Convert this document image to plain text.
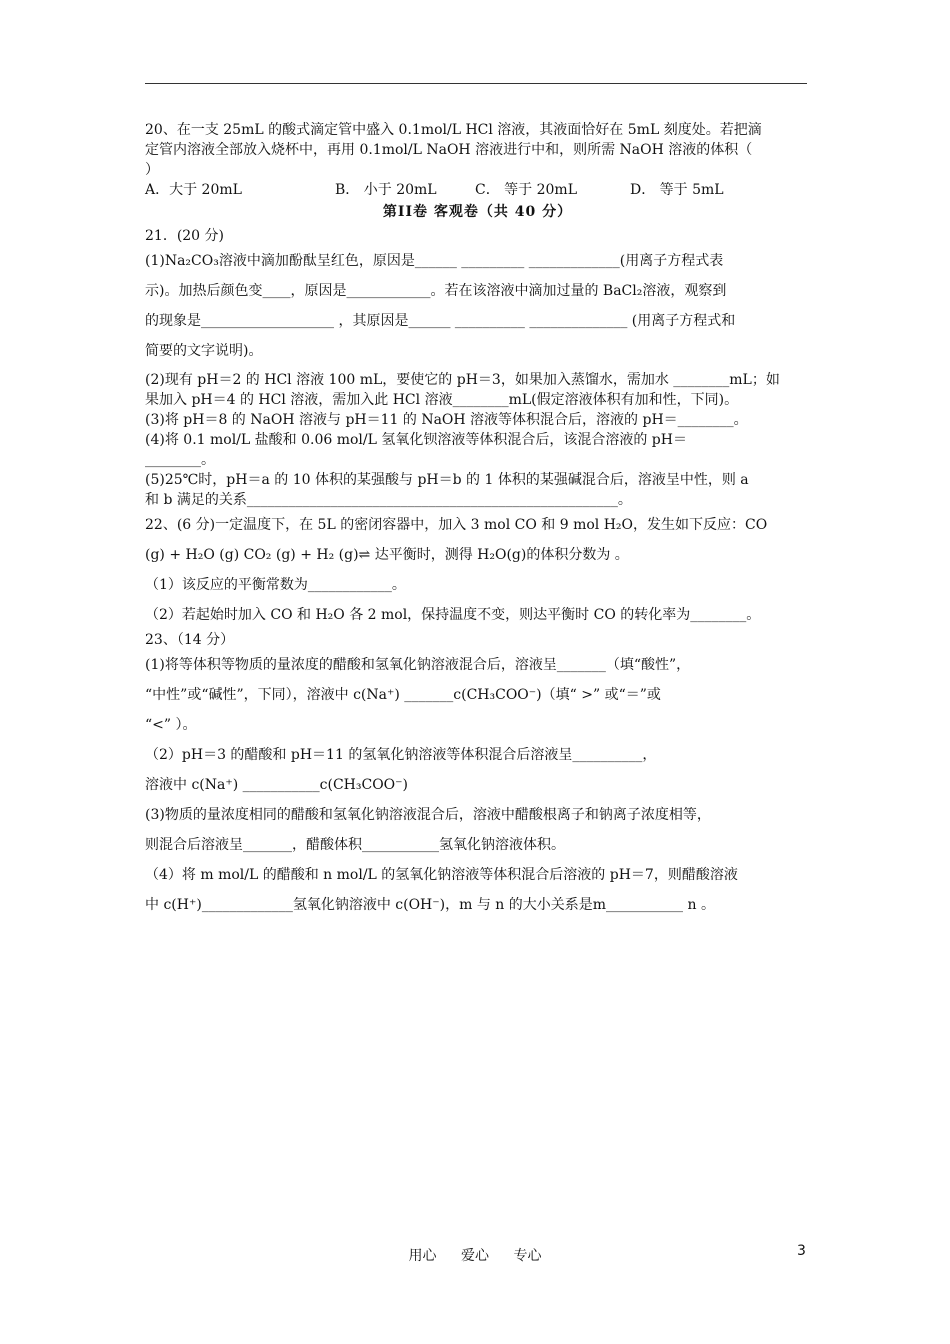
20、在一支 25mL 的酸式滴定管中盛入 0.1mol/L HCl 溶液，其液面恰好在 5mL 刻度处。若把滴
定管内溶液全部放入烧杯中，再用 0.1mol/L NaOH 溶液进行中和，则所需 NaOH 溶液的体积（
）
A．大于 20mL	B． 小于 20mL	C． 等于 20mL	D． 等于 5mL
第II卷 客观卷（共 40 分）
21．(20 分)
(1)Na₂CO₃溶液中滴加酚酞呈红色，原因是______ _________ _____________(用离子方程式表
示)。加热后颜色变____，原因是____________。若在该溶液中滴加过量的 BaCl₂溶液，观察到
的现象是___________________ ，其原因是______ __________ ______________ (用离子方程式和
简要的文字说明)。
(2)现有 pH＝2 的 HCl 溶液 100 mL，要使它的 pH＝3，如果加入蒸馏水，需加水 ________mL；如
果加入 pH＝4 的 HCl 溶液，需加入此 HCl 溶液________mL(假定溶液体积有加和性，下同)。
(3)将 pH＝8 的 NaOH 溶液与 pH＝11 的 NaOH 溶液等体积混合后，溶液的 pH＝________。
(4)将 0.1 mol/L 盐酸和 0.06 mol/L 氢氧化钡溶液等体积混合后，该混合溶液的 pH＝
________。
(5)25℃时，pH＝a 的 10 体积的某强酸与 pH＝b 的 1 体积的某强碱混合后，溶液呈中性，则 a
和 b 满足的关系_____________________________________________________。
22、(6 分)一定温度下，在 5L 的密闭容器中，加入 3 mol CO 和 9 mol H₂O，发生如下反应：CO
(g) + H₂O (g) CO₂ (g) + H₂ (g)⇌ 达平衡时，测得 H₂O(g)的体积分数为 。
（1）该反应的平衡常数为____________。
（2）若起始时加入 CO 和 H₂O 各 2 mol，保持温度不变，则达平衡时 CO 的转化率为________。
23、（14 分）
(1)将等体积等物质的量浓度的醋酸和氢氧化钠溶液混合后，溶液呈_______（填“酸性”，
“中性”或“碱性”，下同），溶液中 c(Na⁺) _______c(CH₃COO⁻)（填“ >” 或“＝”或
“<” ）。
（2）pH＝3 的醋酸和 pH＝11 的氢氧化钠溶液等体积混合后溶液呈__________，
溶液中 c(Na⁺) ___________c(CH₃COO⁻)
(3)物质的量浓度相同的醋酸和氢氧化钠溶液混合后，溶液中醋酸根离子和钠离子浓度相等，
则混合后溶液呈_______，醋酸体积___________氢氧化钠溶液体积。
（4）将 m mol/L 的醋酸和 n mol/L 的氢氧化钠溶液等体积混合后溶液的 pH＝7，则醋酸溶液
中 c(H⁺)_____________氢氧化钠溶液中 c(OH⁻)，m 与 n 的大小关系是m___________ n 。
用心 爱心 专心	3
